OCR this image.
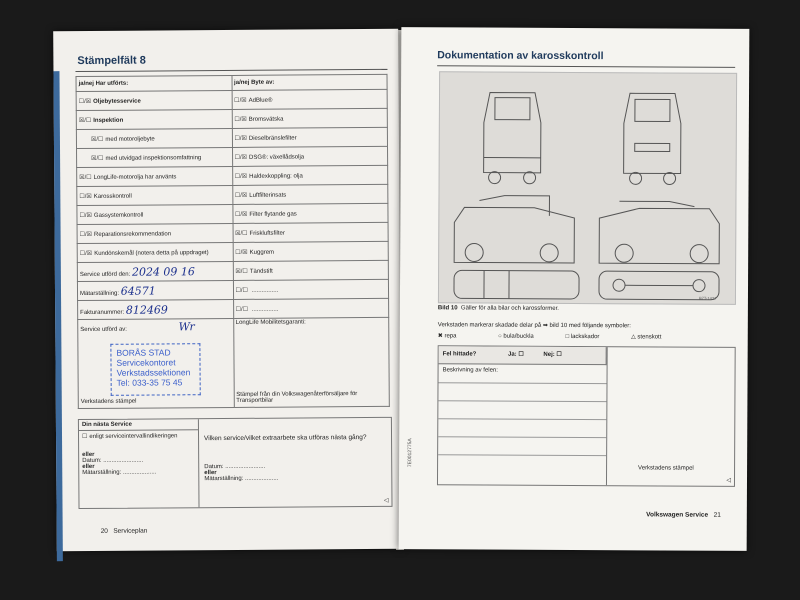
Stämpelfält 8
ja/nej Har utförts:	ja/nej Byte av:
☐/☒ Oljebytesservice	☐/☒ AdBlue®
☒/☐ Inspektion	☐/☒ Bromsvätska
☒/☐ med motoroljebyte	☐/☒ Dieselbränslefilter
☒/☐ med utvidgad inspektionsomfattning	☐/☒ DSG®: växellådsolja
☒/☐ LongLife-motorolja har använts	☐/☒ Haldexkoppling: olja
☐/☒ Karosskontroll	☐/☒ Luftfilterinsats
☐/☒ Gassystemkontroll	☐/☒ Filter flytande gas
☐/☒ Reparationsrekommendation	☒/☐ Friskluftsfilter
☐/☒ Kundönskemål (notera detta på uppdraget)	☐/☒ Kuggrem
Service utförd den: 2024 09 16	☒/☐ Tändstift
Mätarställning: 64571	☐/☐ ................
Fakturanummer: 812469	☐/☐ ................
Service utförd av: Wr
Verkstadens stämpel	LongLife Mobilitetsgaranti:
Stämpel från din Volkswagenåterförsäljare för Transportbilar
BORÅS STAD
Servicekontoret
Verkstadssektionen
Tel: 033-35 75 45
Din nästa Service
☐ enligt serviceintervallindikeringen
eller
Datum: ........................
eller
Mätarställning: ....................
Vilken service/vilket extraarbete ska utföras nästa gång?
Datum: ........................
eller
Mätarställning: ....................
◁
20 Serviceplan
7E0012775A
Dokumentation av karosskontroll
B7T-1437
Bild 10 Gäller för alla bilar och karossformer.
Verkstaden markerar skadade delar på ➡ bild 10 med följande symboler:
✖ repa	○ bula/buckla	□ lackskador	△ stenskott
Fel hittade?	Ja: ☐	Nej: ☐
Beskrivning av felen:
Verkstadens stämpel
◁
Volkswagen Service 21
